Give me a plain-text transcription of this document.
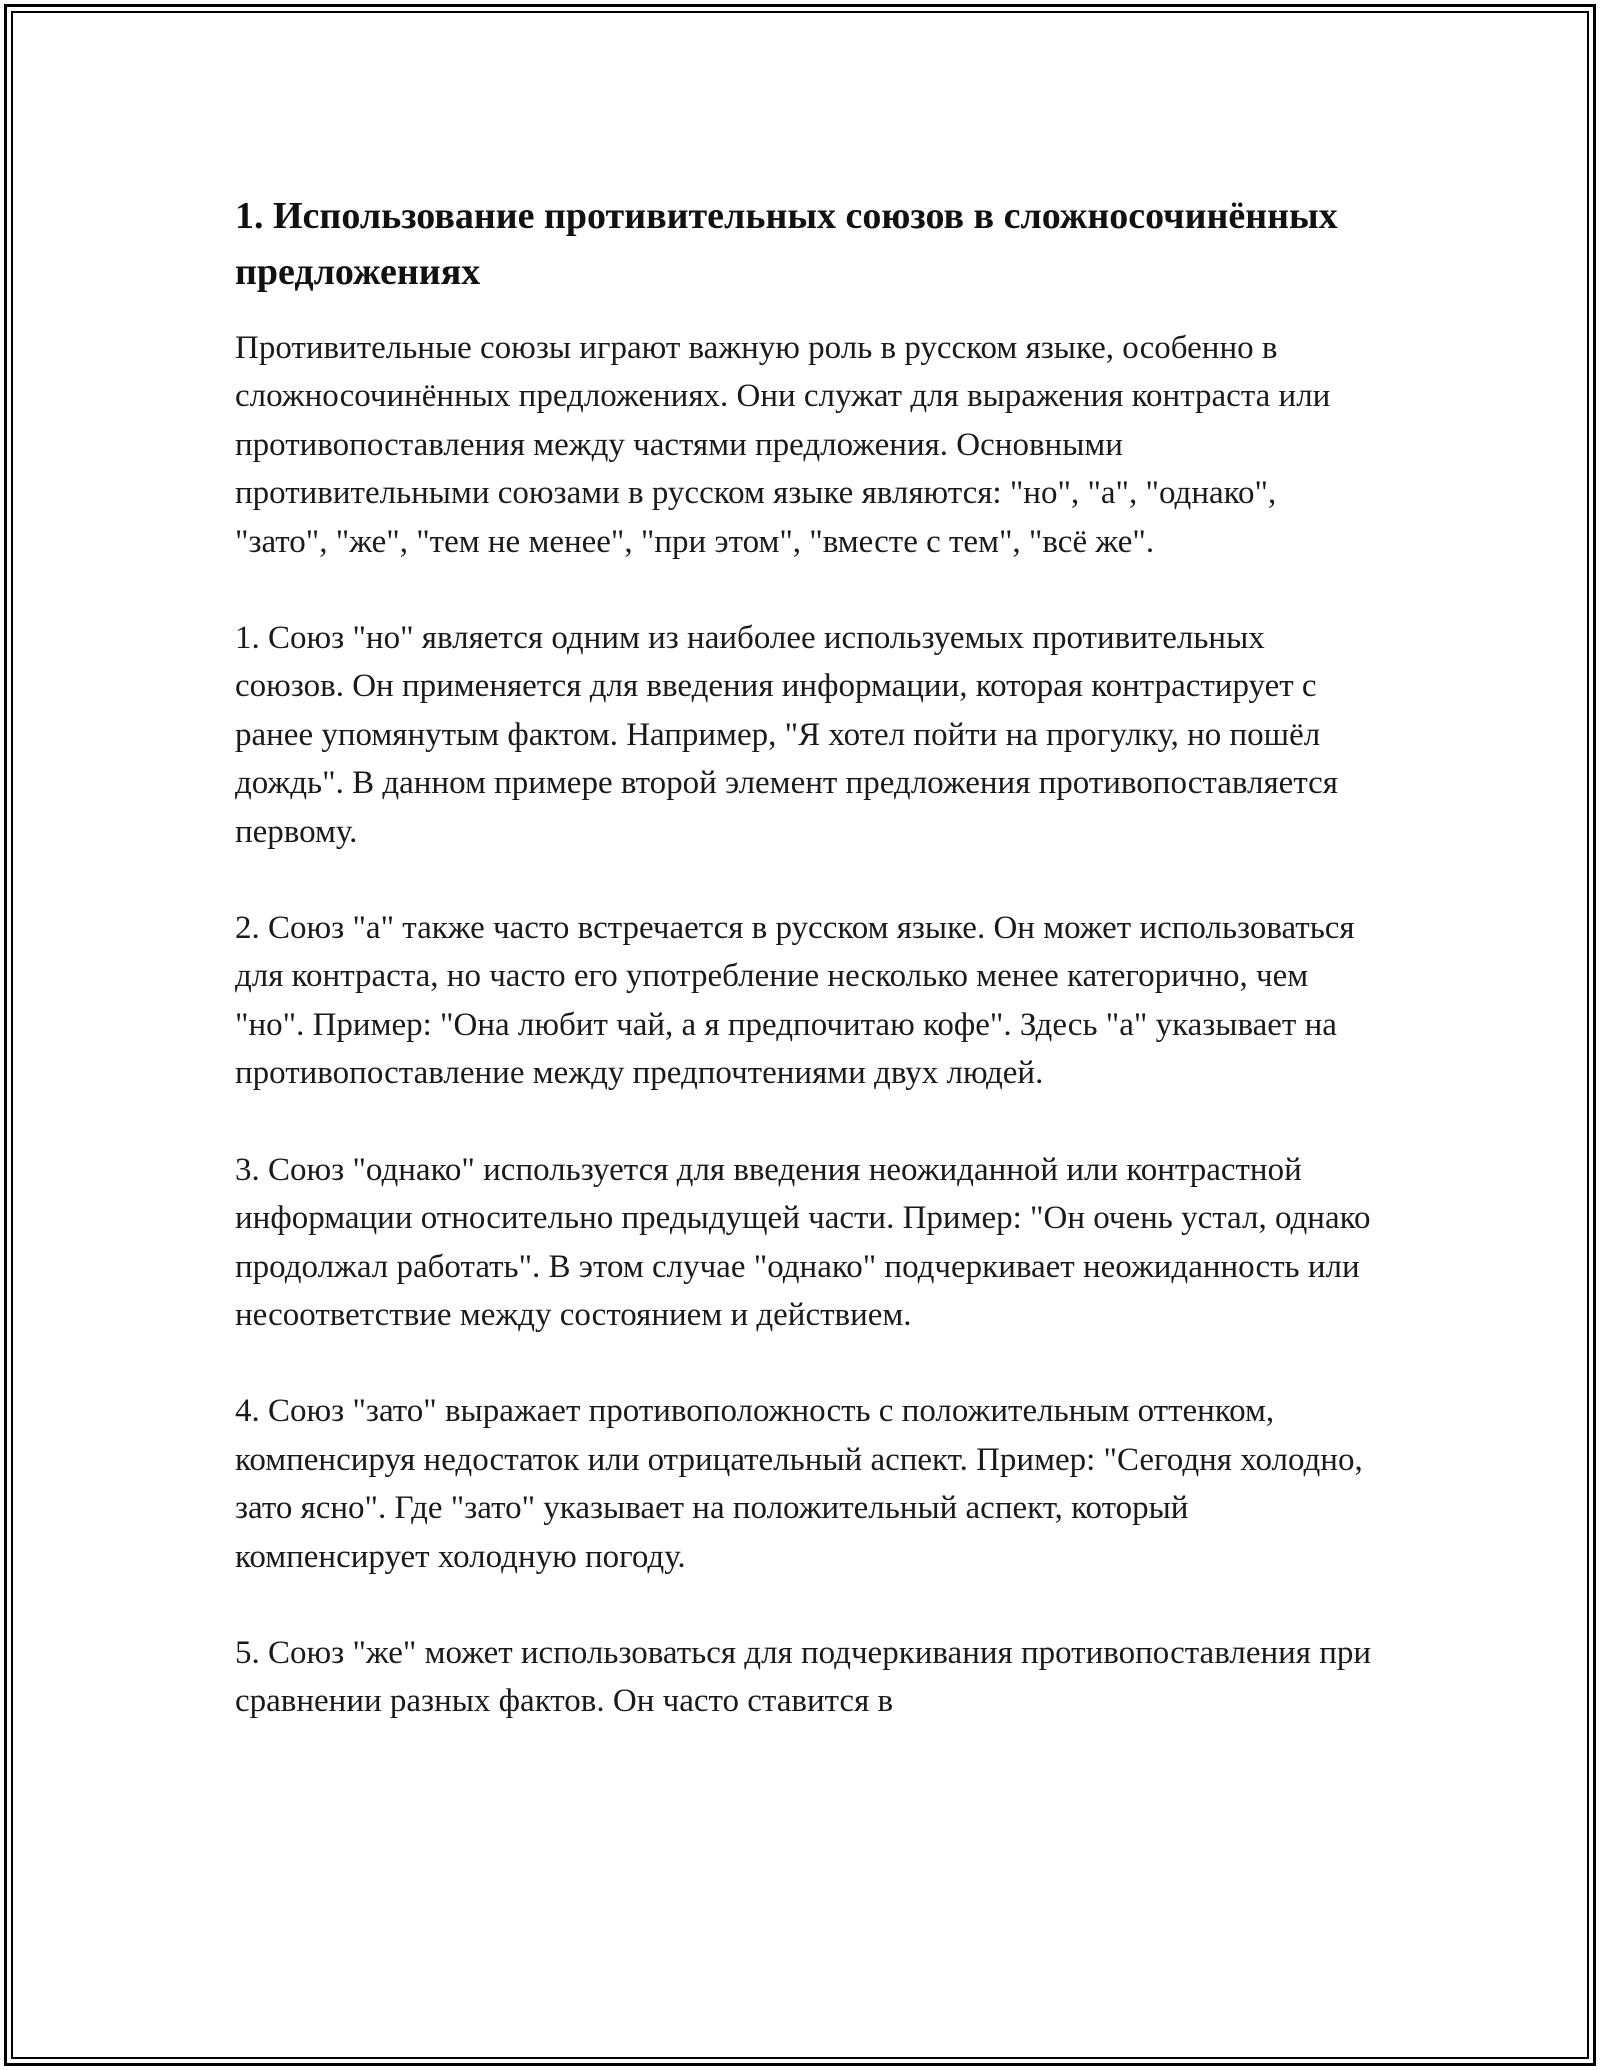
1. Использование противительных союзов в сложносочинённых предложениях

Противительные союзы играют важную роль в русском языке, особенно в сложносочинённых предложениях. Они служат для выражения контраста или противопоставления между частями предложения. Основными противительными союзами в русском языке являются: "но", "а", "однако", "зато", "же", "тем не менее", "при этом", "вместе с тем", "всё же".

1. Союз "но" является одним из наиболее используемых противительных союзов. Он применяется для введения информации, которая контрастирует с ранее упомянутым фактом. Например, "Я хотел пойти на прогулку, но пошёл дождь". В данном примере второй элемент предложения противопоставляется первому.

2. Союз "а" также часто встречается в русском языке. Он может использоваться для контраста, но часто его употребление несколько менее категорично, чем "но". Пример: "Она любит чай, а я предпочитаю кофе". Здесь "а" указывает на противопоставление между предпочтениями двух людей.

3. Союз "однако" используется для введения неожиданной или контрастной информации относительно предыдущей части. Пример: "Он очень устал, однако продолжал работать". В этом случае "однако" подчеркивает неожиданность или несоответствие между состоянием и действием.

4. Союз "зато" выражает противоположность с положительным оттенком, компенсируя недостаток или отрицательный аспект. Пример: "Сегодня холодно, зато ясно". Где "зато" указывает на положительный аспект, который компенсирует холодную погоду.

5. Союз "же" может использоваться для подчеркивания противопоставления при сравнении разных фактов. Он часто ставится в
